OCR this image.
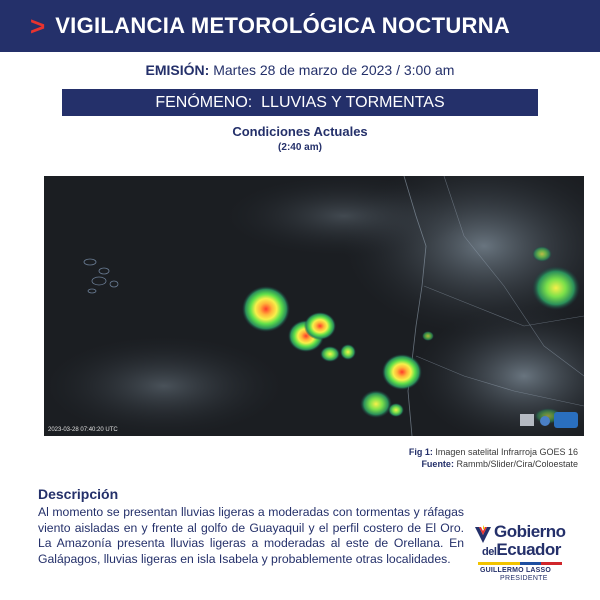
> VIGILANCIA METOROLÓGICA NOCTURNA
EMISIÓN: Martes 28 de marzo de 2023 / 3:00 am
FENÓMENO:  LLUVIAS Y TORMENTAS
Condiciones Actuales
(2:40 am)
2023-03-28 07:40:20 UTC
Fig 1: Imagen satelital Infrarroja GOES 16
Fuente: Rammb/Slider/Cira/Coloestate
Descripción
Al momento se presentan lluvias ligeras a moderadas con tormentas y ráfagas viento aisladas en y frente al golfo de Guayaquil y el perfil costero de El Oro. La Amazonía presenta lluvias ligeras a moderadas al este de Orellana. En Galápagos, lluvias ligeras en isla Isabela y probablemente otras localidades.
Gobierno
delEcuador
GUILLERMO LASSO
PRESIDENTE
